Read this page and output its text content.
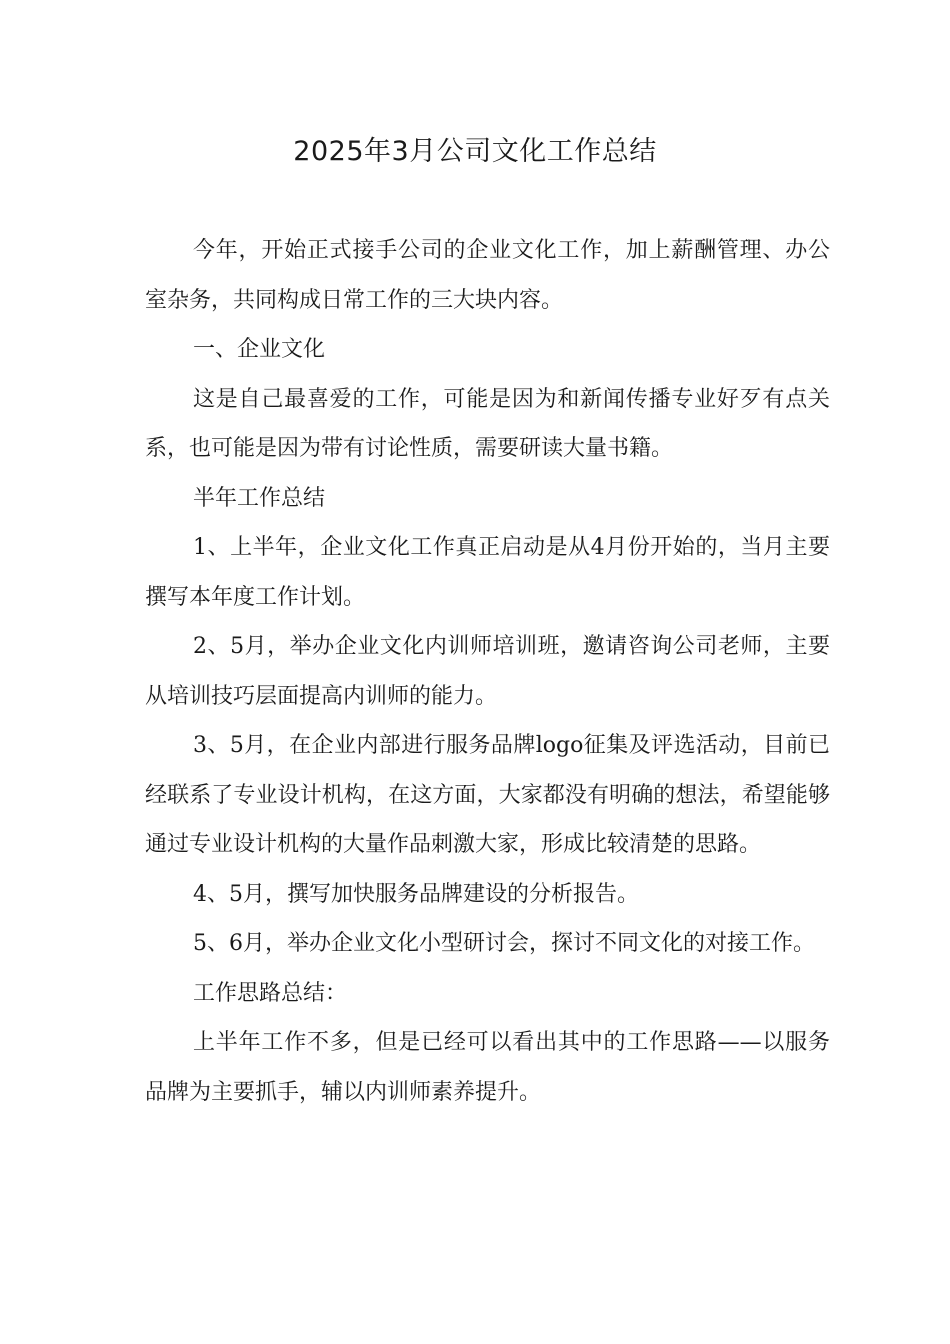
2025年3月公司文化工作总结

今年，开始正式接手公司的企业文化工作，加上薪酬管理、办公室杂务，共同构成日常工作的三大块内容。

一、企业文化

这是自己最喜爱的工作，可能是因为和新闻传播专业好歹有点关系，也可能是因为带有讨论性质，需要研读大量书籍。

半年工作总结

1、上半年，企业文化工作真正启动是从4月份开始的，当月主要撰写本年度工作计划。

2、5月，举办企业文化内训师培训班，邀请咨询公司老师，主要从培训技巧层面提高内训师的能力。

3、5月，在企业内部进行服务品牌logo征集及评选活动，目前已经联系了专业设计机构，在这方面，大家都没有明确的想法，希望能够通过专业设计机构的大量作品刺激大家，形成比较清楚的思路。

4、5月，撰写加快服务品牌建设的分析报告。

5、6月，举办企业文化小型研讨会，探讨不同文化的对接工作。

工作思路总结：

上半年工作不多，但是已经可以看出其中的工作思路——以服务品牌为主要抓手，辅以内训师素养提升。
